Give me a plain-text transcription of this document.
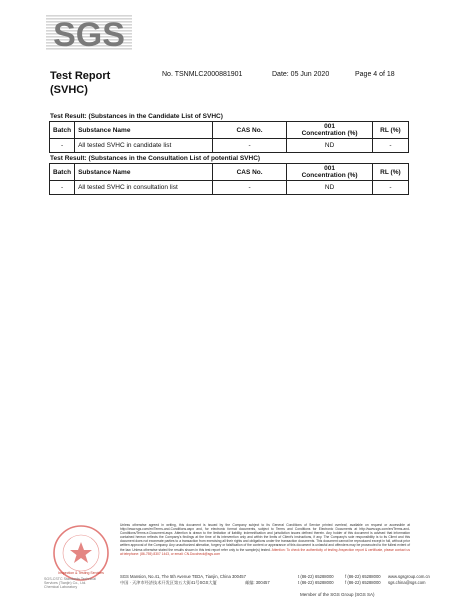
SGS
Test Report
(SVHC)
No. TSNMLC2000881901	Date: 05 Jun 2020	Page 4 of 18
Test Result: (Substances in the Candidate List of SVHC)
Batch	Substance Name	CAS No.	001
Concentration (%)	RL (%)
-	All tested SVHC in candidate list	-	ND	-
Test Result: (Substances in the Consultation List of potential SVHC)
Batch	Substance Name	CAS No.	001
Concentration (%)	RL (%)
-	All tested SVHC in consultation list	-	ND	-
Inspection & Testing Services
SGS-CSTC Standards Technical Services (Tianjin) Co., Ltd.
Chemical Laboratory
Unless otherwise agreed in writing, this document is issued by the Company subject to its General Conditions of Service printed overleaf, available on request or accessible at http://www.sgs.com/en/Terms-and-Conditions.aspx and, for electronic format documents, subject to Terms and Conditions for Electronic Documents at http://www.sgs.com/en/Terms-and-Conditions/Terms-e-Document.aspx. Attention is drawn to the limitation of liability, indemnification and jurisdiction issues defined therein. Any holder of this document is advised that information contained hereon reflects the Company's findings at the time of its intervention only and within the limits of Client's instructions, if any. The Company's sole responsibility is to its Client and this document does not exonerate parties to a transaction from exercising all their rights and obligations under the transaction documents. This document cannot be reproduced except in full, without prior written approval of the Company. Any unauthorized alteration, forgery or falsification of the content or appearance of this document is unlawful and offenders may be prosecuted to the fullest extent of the law. Unless otherwise stated the results shown in this test report refer only to the sample(s) tested. Attention: To check the authenticity of testing /inspection report & certificate, please contact us at telephone: (86-755) 8307 1443, or email: CN.Doccheck@sgs.com
SGS Mansion, No.41, The 5th Avenue TEDA, Tianjin, China 300457	t (86-22) 65288000	f (86-22) 65288000 www.sgsgroup.com.cn
中国 · 天津市经济技术开发区第五大街41号SGS大厦	邮编: 300457	t (86-22) 65288000	f (86-22) 65288000 sgs.china@sgs.com
Member of the SGS Group (SGS SA)
